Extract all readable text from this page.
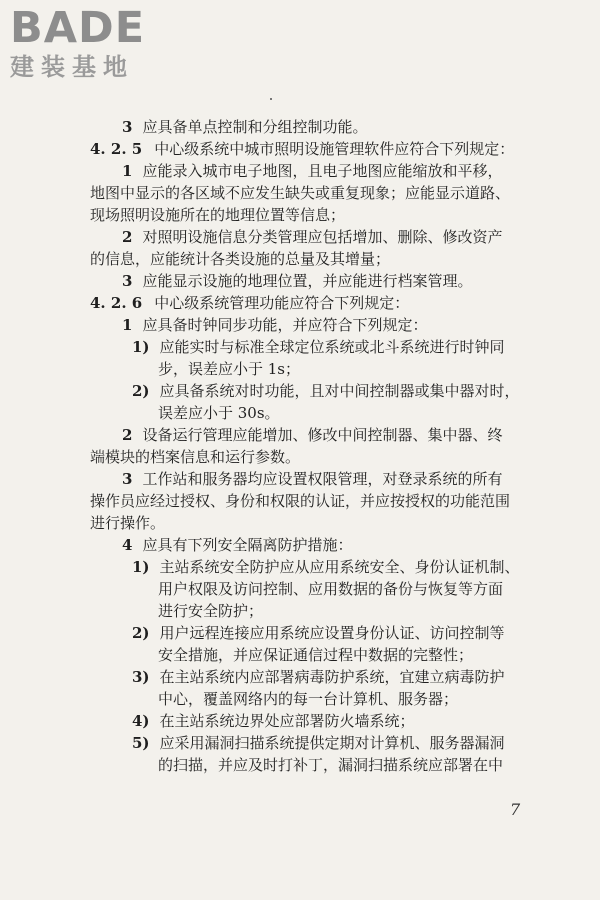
BADE
建装基地
3 应具备单点控制和分组控制功能。
4. 2. 5 中心级系统中城市照明设施管理软件应符合下列规定：
1 应能录入城市电子地图，且电子地图应能缩放和平移，
地图中显示的各区域不应发生缺失或重复现象；应能显示道路、
现场照明设施所在的地理位置等信息；
2 对照明设施信息分类管理应包括增加、删除、修改资产
的信息，应能统计各类设施的总量及其增量；
3 应能显示设施的地理位置，并应能进行档案管理。
4. 2. 6 中心级系统管理功能应符合下列规定：
1 应具备时钟同步功能，并应符合下列规定：
1) 应能实时与标准全球定位系统或北斗系统进行时钟同
步，误差应小于 1s；
2) 应具备系统对时功能，且对中间控制器或集中器对时，
误差应小于 30s。
2 设备运行管理应能增加、修改中间控制器、集中器、终
端模块的档案信息和运行参数。
3 工作站和服务器均应设置权限管理，对登录系统的所有
操作员应经过授权、身份和权限的认证，并应按授权的功能范围
进行操作。
4 应具有下列安全隔离防护措施：
1) 主站系统安全防护应从应用系统安全、身份认证机制、
用户权限及访问控制、应用数据的备份与恢复等方面
进行安全防护；
2) 用户远程连接应用系统应设置身份认证、访问控制等
安全措施，并应保证通信过程中数据的完整性；
3) 在主站系统内应部署病毒防护系统，宜建立病毒防护
中心，覆盖网络内的每一台计算机、服务器；
4) 在主站系统边界处应部署防火墙系统；
5) 应采用漏洞扫描系统提供定期对计算机、服务器漏洞
的扫描，并应及时打补丁，漏洞扫描系统应部署在中
7
